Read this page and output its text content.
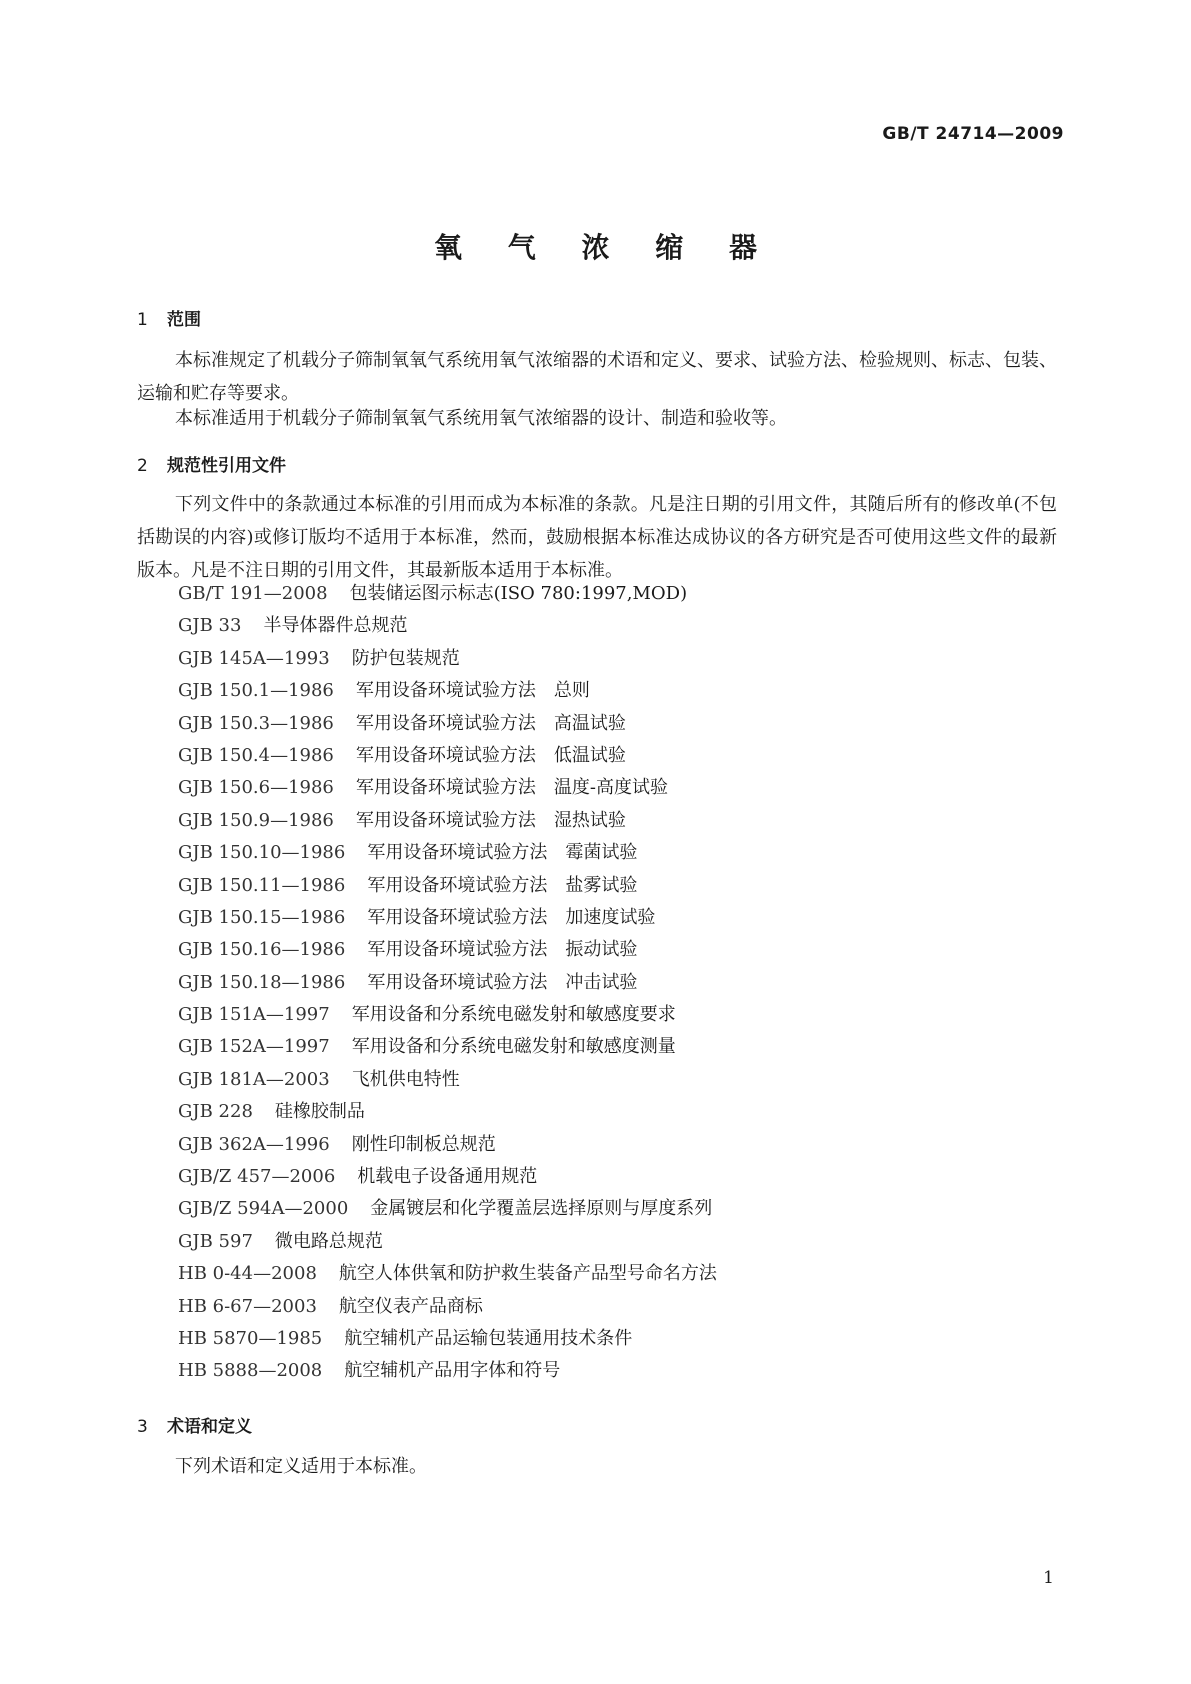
GB/T 24714—2009
氧 气 浓 缩 器
1 范围
本标准规定了机载分子筛制氧氧气系统用氧气浓缩器的术语和定义、要求、试验方法、检验规则、标志、包装、运输和贮存等要求。
本标准适用于机载分子筛制氧氧气系统用氧气浓缩器的设计、制造和验收等。
2 规范性引用文件
下列文件中的条款通过本标准的引用而成为本标准的条款。凡是注日期的引用文件，其随后所有的修改单(不包括勘误的内容)或修订版均不适用于本标准，然而，鼓励根据本标准达成协议的各方研究是否可使用这些文件的最新版本。凡是不注日期的引用文件，其最新版本适用于本标准。
GB/T 191—2008 包装储运图示标志(ISO 780:1997,MOD)
GJB 33 半导体器件总规范
GJB 145A—1993 防护包装规范
GJB 150.1—1986 军用设备环境试验方法　总则
GJB 150.3—1986 军用设备环境试验方法　高温试验
GJB 150.4—1986 军用设备环境试验方法　低温试验
GJB 150.6—1986 军用设备环境试验方法　温度-高度试验
GJB 150.9—1986 军用设备环境试验方法　湿热试验
GJB 150.10—1986 军用设备环境试验方法　霉菌试验
GJB 150.11—1986 军用设备环境试验方法　盐雾试验
GJB 150.15—1986 军用设备环境试验方法　加速度试验
GJB 150.16—1986 军用设备环境试验方法　振动试验
GJB 150.18—1986 军用设备环境试验方法　冲击试验
GJB 151A—1997 军用设备和分系统电磁发射和敏感度要求
GJB 152A—1997 军用设备和分系统电磁发射和敏感度测量
GJB 181A—2003 飞机供电特性
GJB 228 硅橡胶制品
GJB 362A—1996 刚性印制板总规范
GJB/Z 457—2006 机载电子设备通用规范
GJB/Z 594A—2000 金属镀层和化学覆盖层选择原则与厚度系列
GJB 597 微电路总规范
HB 0-44—2008 航空人体供氧和防护救生装备产品型号命名方法
HB 6-67—2003 航空仪表产品商标
HB 5870—1985 航空辅机产品运输包装通用技术条件
HB 5888—2008 航空辅机产品用字体和符号
3 术语和定义
下列术语和定义适用于本标准。
1
